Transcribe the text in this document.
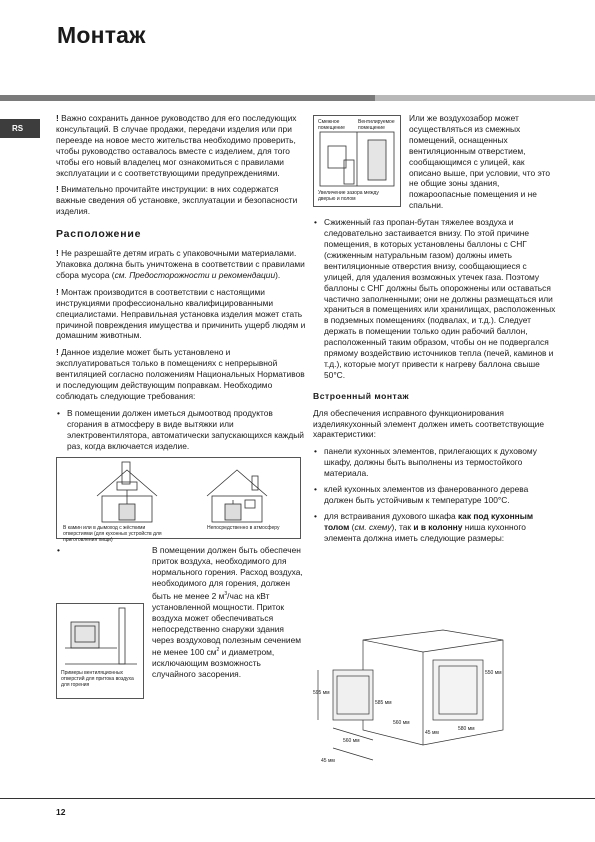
Монтаж
RS

! Важно сохранить данное руководство для его последующих консультаций. В случае продажи, передачи изделия или при переезде на новое место жительства необходимо проверить, чтобы руководство оставалось вместе с изделием, для того чтобы его новый владелец мог ознакомиться с правилами эксплуатации и с соответствующими предупреждениями.

! Внимательно прочитайте инструкции: в них содержатся важные сведения об установке, эксплуатации и безопасности изделия.

Расположение

! Не разрешайте детям играть с упаковочными материалами. Упаковка должна быть уничтожена в соответствии с правилами сбора мусора (см. Предосторожности и рекомендации).

! Монтаж производится в соответствии с настоящими инструкциями профессионально квалифицированными специалистами. Неправильная установка изделия может стать причиной повреждения имущества и причинить ущерб людям и домашним животным.

! Данное изделие может быть установлено и эксплуатироваться только в помещениях с непрерывной вентиляцией согласно положениям Национальных Нормативов и последующим действующим поправкам. Необходимо соблюдать следующие требования:

• В помещении должен иметься дымоотвод продуктов сгорания в атмосферу в виде вытяжки или электровентилятора, автоматически запускающихся каждый раз, когда включается изделие.
В камин или в дымоход с жёсткими отверстиями (для кухонных устройств для приготовления пищи)
Непосредственно в атмосферу
• Примеры вентиляционных отверстий для притока воздуха для горения
В помещении должен быть обеспечен приток воздуха, необходимого для нормального горения. Расход воздуха, необходимого для горения, должен быть не менее 2 $м^3$/час на кВт установленной мощности. Приток воздуха может обеспечиваться непосредственно снаружи здания через воздуховод полезным сечением не менее 100 $см^2$ и диаметром, исключающим возможность случайного засорения.
Смежное помещение
Вентилируемое помещение
Увеличение зазора между дверью и полом

Или же воздухозабор может осуществляться из смежных помещений, оснащенных вентиляционным отверстием, сообщающимся с улицей, как описано выше, при условии, что это не общие зоны здания, пожароопасные помещения и не спальни.

• Сжиженный газ пропан-бутан тяжелее воздуха и следовательно застаивается внизу. По этой причине помещения, в которых установлены баллоны с СНГ (сжиженным натуральным газом) должны иметь вентиляционные отверстия внизу, сообщающиеся с улицей, для удаления возможных утечек газа. Поэтому баллоны с СНГ должны быть опорожнены или оставаться частично заполненными; они не должны размещаться или храниться в помещениях или хранилищах, расположенных в подземных помещениях (подвалах, и т.д.). Следует держать в помещении только один рабочий баллон, расположенный таким образом, чтобы он не подвергался прямому воздействию источников тепла (печей, каминов и т.д.), которые могут привести к нагреву баллона свыше 50°С.
Встроенный монтаж

Для обеспечения исправного функционирования изделиякухонный элемент должен иметь соответствующие характеристики:

• панели кухонных элементов, прилегающих к духовому шкафу, должны быть выполнены из термостойкого материала.
• клей кухонных элементов из фанерованного дерева должен быть устойчивым к температуре 100°С.
• для встраивания духового шкафа как под кухонным толом (см. схему), так и в колонну ниша кухонного элемента должна иметь следующие размеры:
595 мм
560 мм
45 мм
585 мм
560 мм
550 мм
45 мм
580 мм
12
